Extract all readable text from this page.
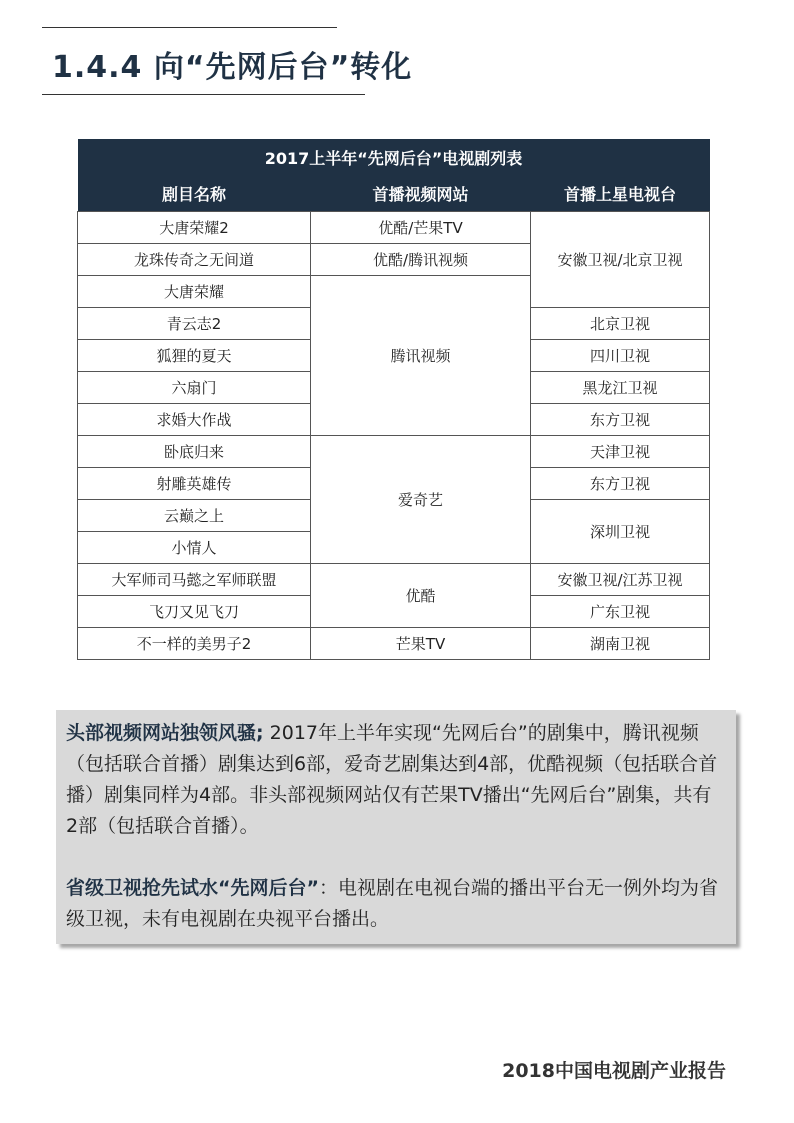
1.4.4 向“先网后台”转化
2017上半年“先网后台”电视剧列表		
剧目名称	首播视频网站	首播上星电视台
大唐荣耀2	优酷/芒果TV	安徽卫视/北京卫视
龙珠传奇之无间道	优酷/腾讯视频	
大唐荣耀	腾讯视频	
青云志2		北京卫视
狐狸的夏天		四川卫视
六扇门		黑龙江卫视
求婚大作战		东方卫视
卧底归来	爱奇艺	天津卫视
射雕英雄传		东方卫视
云巅之上		深圳卫视
小情人		
大军师司马懿之军师联盟	优酷	安徽卫视/江苏卫视
飞刀又见飞刀		广东卫视
不一样的美男子2	芒果TV	湖南卫视

头部视频网站独领风骚; 2017年上半年实现“先网后台”的剧集中，腾讯视频（包括联合首播）剧集达到6部，爱奇艺剧集达到4部，优酷视频（包括联合首播）剧集同样为4部。非头部视频网站仅有芒果TV播出“先网后台”剧集，共有2部（包括联合首播）。

省级卫视抢先试水“先网后台”：电视剧在电视台端的播出平台无一例外均为省级卫视，未有电视剧在央视平台播出。

2018中国电视剧产业报告
